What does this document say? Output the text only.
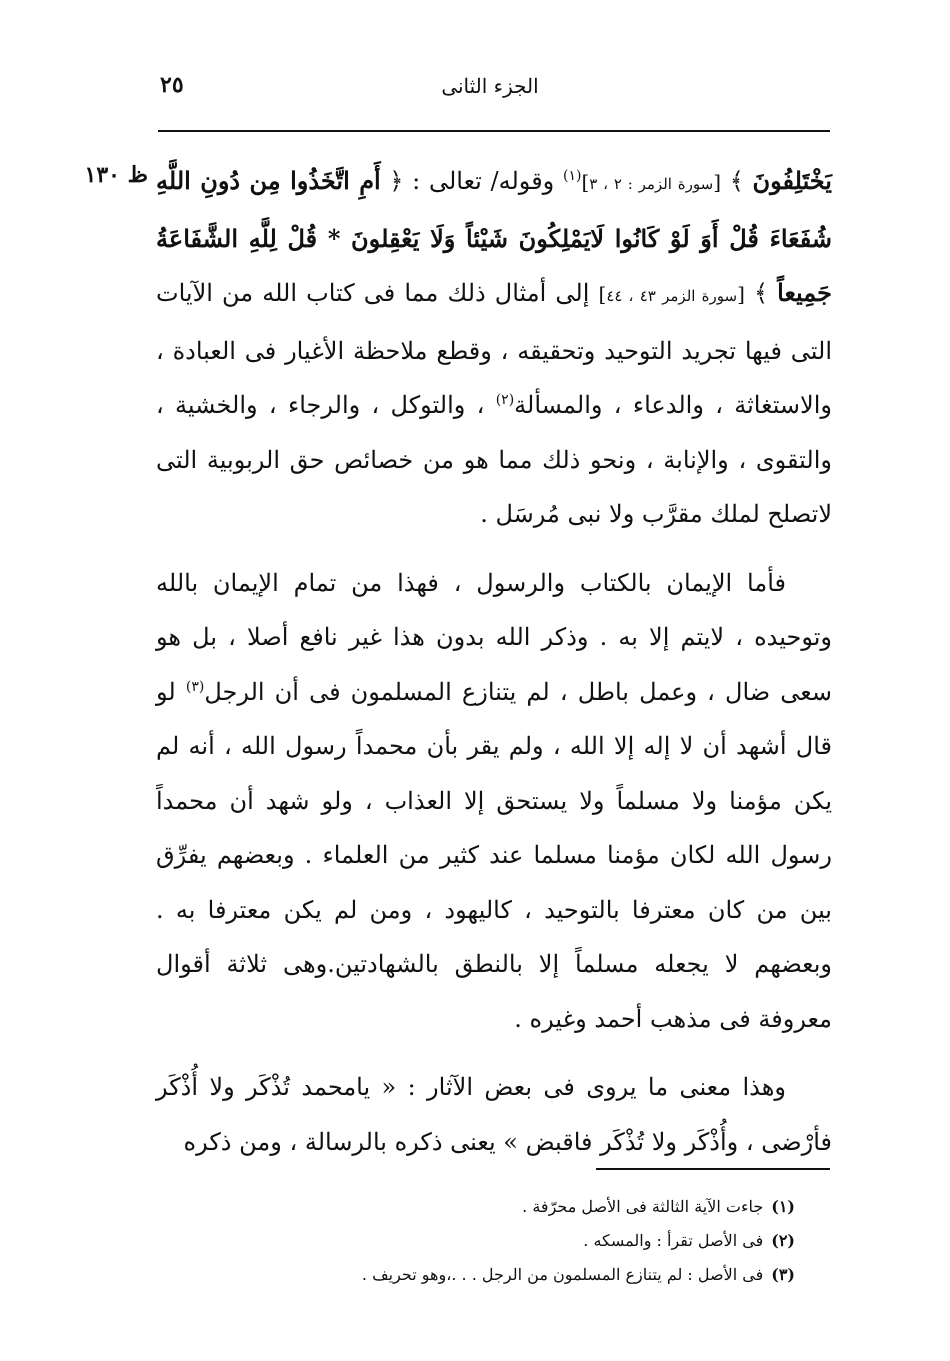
٢٥	الجزء الثانى
ظ ١٣٠	يَخْتَلِفُونَ ﴾ [سورة الزمر : ٢ ، ٣]$^{(١)}$ وقوله/ تعالى : ﴿ أَمِ اتَّخَذُوا مِن دُونِ اللَّهِ شُفَعَاءَ قُلْ أَوَ لَوْ كَانُوا لَايَمْلِكُونَ شَيْئاً وَلَا يَعْقِلونَ * قُلْ لِلَّهِ الشَّفَاعَةُ جَمِيعاً ﴾ [سورة الزمر ٤٣ ، ٤٤] إلى أمثال ذلك مما فى كتاب الله من الآيات التى فيها تجريد التوحيد وتحقيقه ، وقطع ملاحظة الأغيار فى العبادة ، والاستغاثة ، والدعاء ، والمسألة$^{(٢)}$ ، والتوكل ، والرجاء ، والخشية ، والتقوى ، والإنابة ، ونحو ذلك مما هو من خصائص حق الربوبية التى لاتصلح لملك مقرَّب ولا نبى مُرسَل .

فأما الإيمان بالكتاب والرسول ، فهذا من تمام الإيمان بالله وتوحيده ، لايتم إلا به . وذكر الله بدون هذا غير نافع أصلا ، بل هو سعى ضال ، وعمل باطل ، لم يتنازع المسلمون فى أن الرجل$^{(٣)}$ لو قال أشهد أن لا إله إلا الله ، ولم يقر بأن محمداً رسول الله ، أنه لم يكن مؤمنا ولا مسلماً ولا يستحق إلا العذاب ، ولو شهد أن محمداً رسول الله لكان مؤمنا مسلما عند كثير من العلماء . وبعضهم يفرِّق بين من كان معترفا بالتوحيد ، كاليهود ، ومن لم يكن معترفا به . وبعضهم لا يجعله مسلماً إلا بالنطق بالشهادتين.وهى ثلاثة أقوال معروفة فى مذهب أحمد وغيره .

وهذا معنى ما يروى فى بعض الآثار : « يامحمد تُذْكَر ولا أُذْكَر فأرْضى ، وأُذْكَر ولا تُذْكَر فاقبض » يعنى ذكره بالرسالة ، ومن ذكره

(١)
جاءت الآية الثالثة فى الأصل محرّفة .
(٢)
فى الأصل تقرأ : والمسكه .
(٣)
فى الأصل : لم يتنازع المسلمون من الرجل . . .،وهو تحريف .
